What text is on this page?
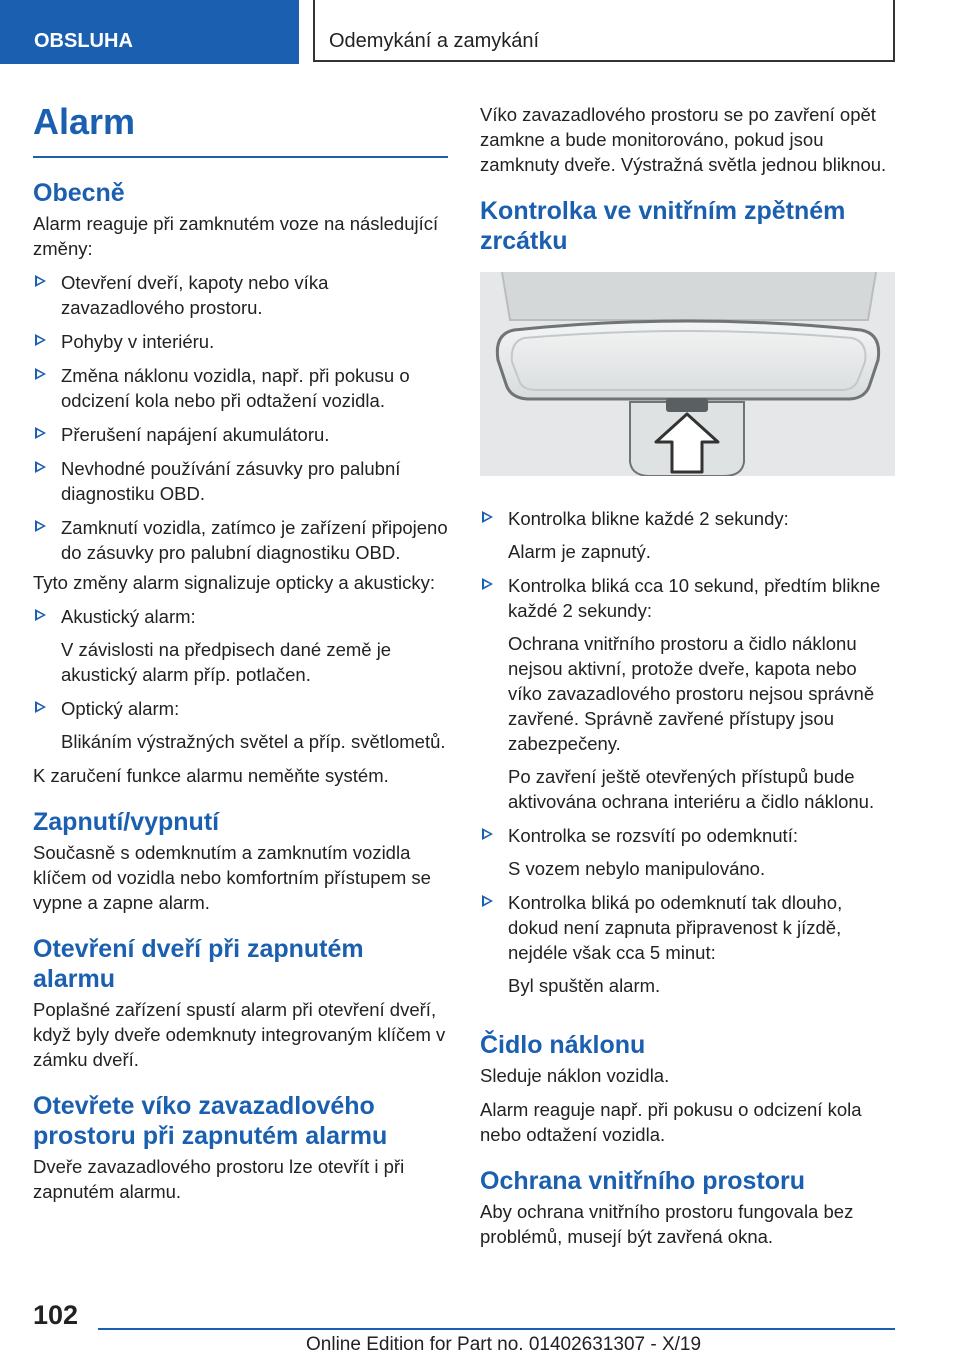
OBSLUHA	Odemykání a zamykání
Alarm
Obecně

Alarm reaguje při zamknutém voze na následující změny:

Otevření dveří, kapoty nebo víka zavazadlového prostoru.
Pohyby v interiéru.
Změna náklonu vozidla, např. při pokusu o odcizení kola nebo při odtažení vozidla.
Přerušení napájení akumulátoru.
Nevhodné používání zásuvky pro palubní diagnostiku OBD.
Zamknutí vozidla, zatímco je zařízení připojeno do zásuvky pro palubní diagnostiku OBD.

Tyto změny alarm signalizuje opticky a akusticky:

Akustický alarm:
V závislosti na předpisech dané země je akustický alarm příp. potlačen.
Optický alarm:
Blikáním výstražných světel a příp. světlometů.

K zaručení funkce alarmu neměňte systém.

Zapnutí/vypnutí

Současně s odemknutím a zamknutím vozidla klíčem od vozidla nebo komfortním přístupem se vypne a zapne alarm.

Otevření dveří při zapnutém alarmu

Poplašné zařízení spustí alarm při otevření dveří, když byly dveře odemknuty integrovaným klíčem v zámku dveří.

Otevřete víko zavazadlového prostoru při zapnutém alarmu

Dveře zavazadlového prostoru lze otevřít i při zapnutém alarmu.

Víko zavazadlového prostoru se po zavření opět zamkne a bude monitorováno, pokud jsou zamknuty dveře. Výstražná světla jednou bliknou.

Kontrolka ve vnitřním zpětném zrcátku
Kontrolka blikne každé 2 sekundy:
Alarm je zapnutý.
Kontrolka bliká cca 10 sekund, předtím blikne každé 2 sekundy:
Ochrana vnitřního prostoru a čidlo náklonu nejsou aktivní, protože dveře, kapota nebo víko zavazadlového prostoru nejsou správně zavřené. Správně zavřené přístupy jsou zabezpečeny.
Po zavření ještě otevřených přístupů bude aktivována ochrana interiéru a čidlo náklonu.
Kontrolka se rozsvítí po odemknutí:
S vozem nebylo manipulováno.
Kontrolka bliká po odemknutí tak dlouho, dokud není zapnuta připravenost k jízdě, nejdéle však cca 5 minut:
Byl spuštěn alarm.
Čidlo náklonu

Sleduje náklon vozidla.

Alarm reaguje např. při pokusu o odcizení kola nebo odtažení vozidla.

Ochrana vnitřního prostoru

Aby ochrana vnitřního prostoru fungovala bez problémů, musejí být zavřená okna.

102
Online Edition for Part no. 01402631307 - X/19
